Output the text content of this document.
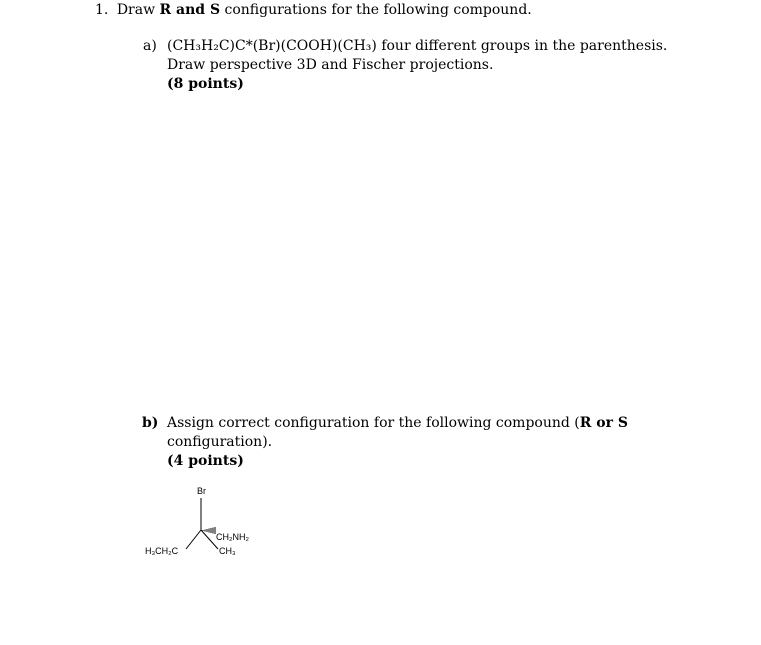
1. Draw R and S configurations for the following compound.
a) (CH₃H₂C)C*(Br)(COOH)(CH₃) four different groups in the parenthesis.
Draw perspective 3D and Fischer projections.
(8 points)
b) Assign correct configuration for the following compound (R or S
configuration).
(4 points)
Br
H₃CH₂C
CH₂NH₂
CH₃
